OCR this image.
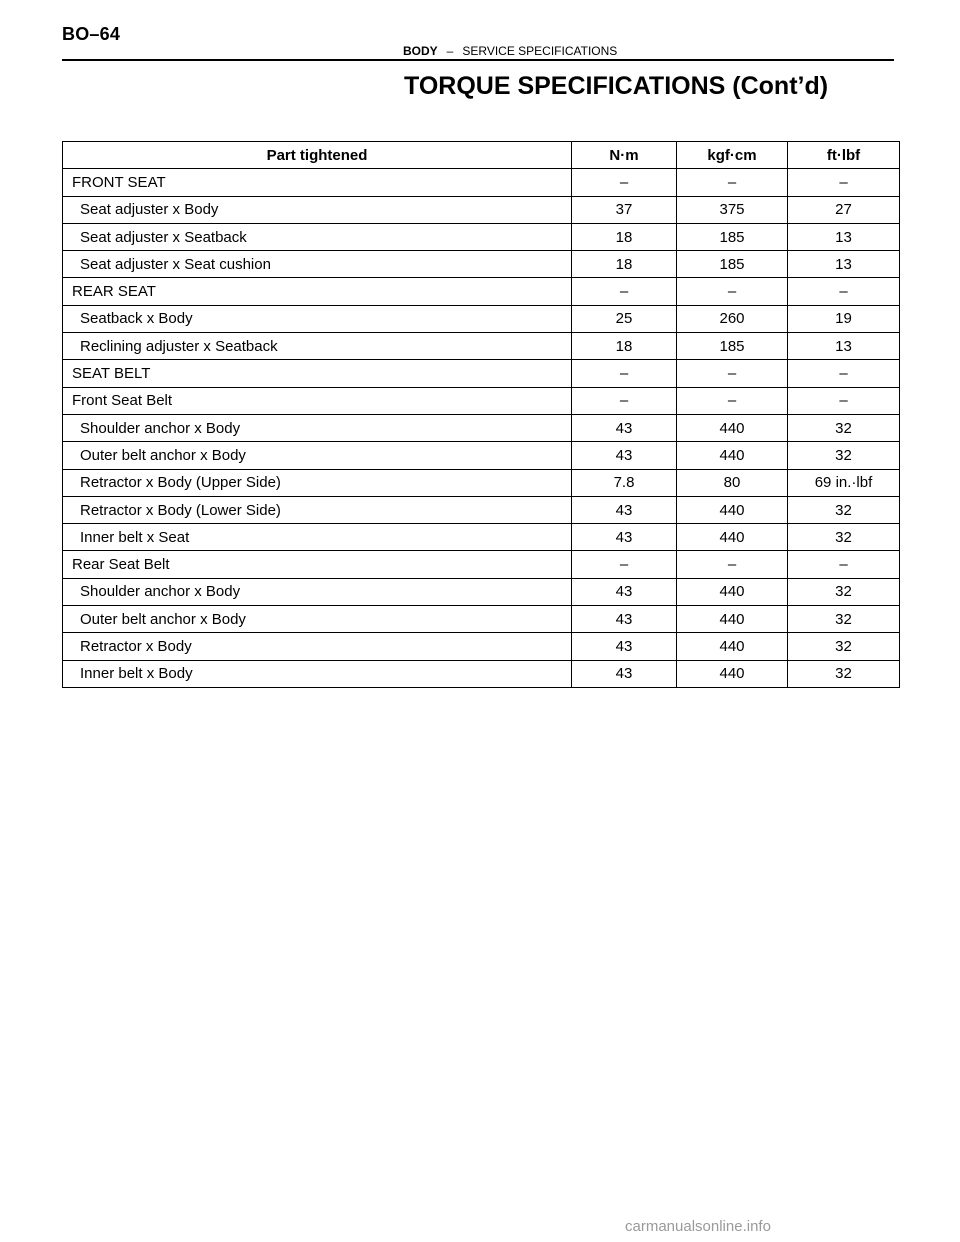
BO–64
BODY – SERVICE SPECIFICATIONS
TORQUE SPECIFICATIONS (Cont’d)
Part tightened	N·m	kgf·cm	ft·lbf
FRONT SEAT	–	–	–
Seat adjuster x Body	37	375	27
Seat adjuster x Seatback	18	185	13
Seat adjuster x Seat cushion	18	185	13
REAR SEAT	–	–	–
Seatback x Body	25	260	19
Reclining adjuster x Seatback	18	185	13
SEAT BELT	–	–	–
Front Seat Belt	–	–	–
Shoulder anchor x Body	43	440	32
Outer belt anchor x Body	43	440	32
Retractor x Body (Upper Side)	7.8	80	69 in.·lbf
Retractor x Body (Lower Side)	43	440	32
Inner belt x Seat	43	440	32
Rear Seat Belt	–	–	–
Shoulder anchor x Body	43	440	32
Outer belt anchor x Body	43	440	32
Retractor x Body	43	440	32
Inner belt x Body	43	440	32
carmanualsonline.info
